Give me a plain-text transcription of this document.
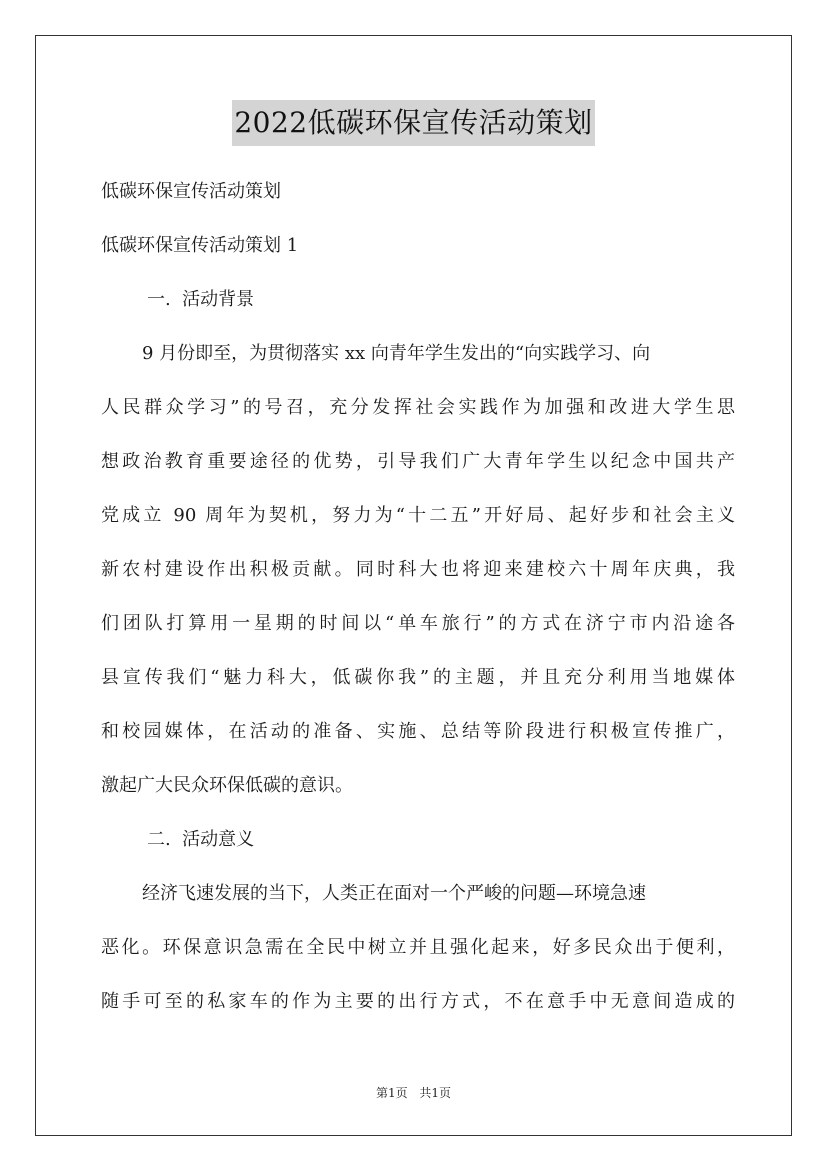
2022低碳环保宣传活动策划
低碳环保宣传活动策划
低碳环保宣传活动策划 1
一.  活动背景
9 月份即至，为贯彻落实 xx 向青年学生发出的“向实践学习、向
人民群众学习”的号召，充分发挥社会实践作为加强和改进大学生思
想政治教育重要途径的优势，引导我们广大青年学生以纪念中国共产
党成立 90 周年为契机，努力为“十二五”开好局、起好步和社会主义
新农村建设作出积极贡献。同时科大也将迎来建校六十周年庆典，我
们团队打算用一星期的时间以“单车旅行”的方式在济宁市内沿途各
县宣传我们“魅力科大，低碳你我”的主题，并且充分利用当地媒体
和校园媒体，在活动的准备、实施、总结等阶段进行积极宣传推广，
激起广大民众环保低碳的意识。
二.  活动意义
经济飞速发展的当下，人类正在面对一个严峻的问题—环境急速
恶化。环保意识急需在全民中树立并且强化起来，好多民众出于便利，
随手可至的私家车的作为主要的出行方式，不在意手中无意间造成的
第1页 共1页
